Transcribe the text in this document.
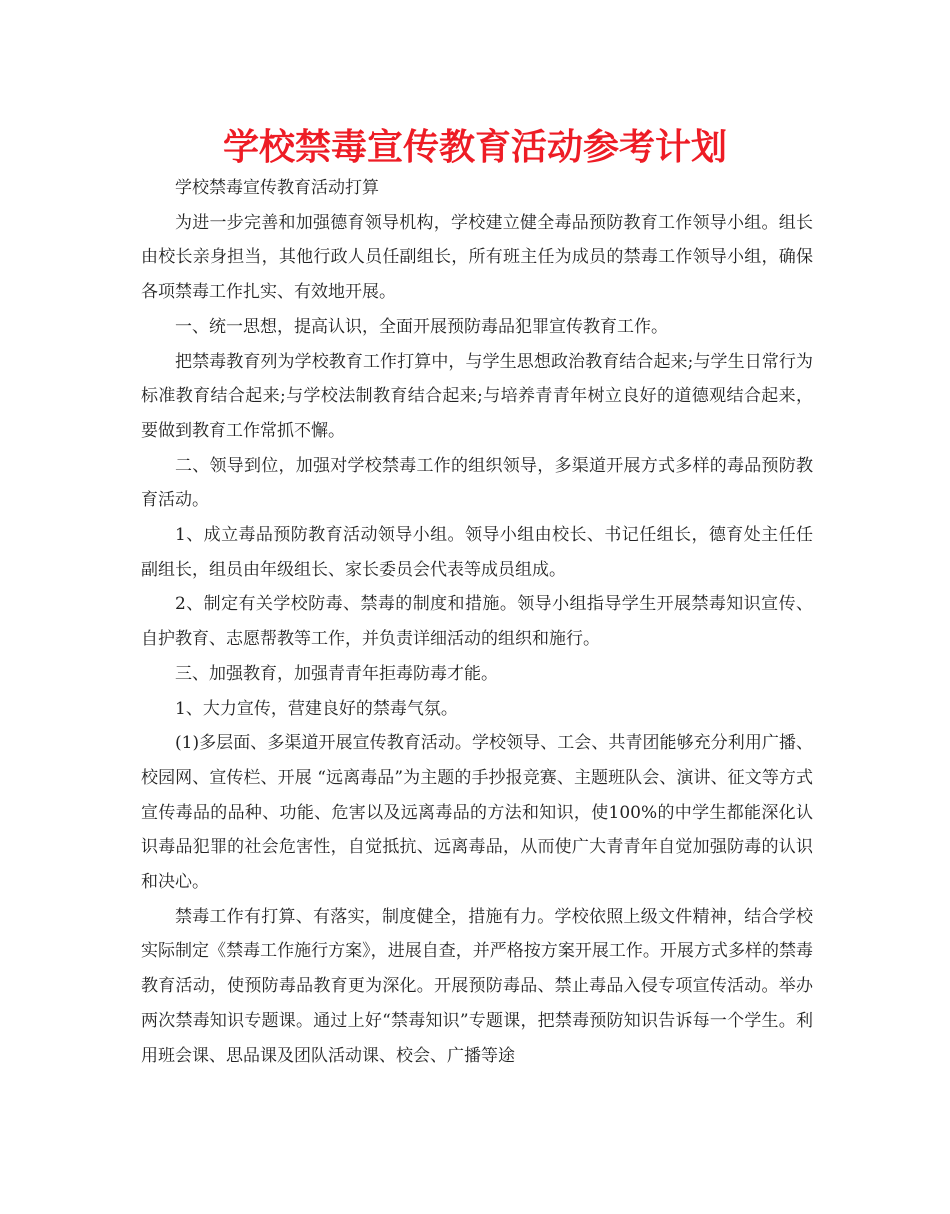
学校禁毒宣传教育活动参考计划

学校禁毒宣传教育活动打算

为进一步完善和加强德育领导机构，学校建立健全毒品预防教育工作领导小组。组长由校长亲身担当，其他行政人员任副组长，所有班主任为成员的禁毒工作领导小组，确保各项禁毒工作扎实、有效地开展。

一、统一思想，提高认识，全面开展预防毒品犯罪宣传教育工作。

把禁毒教育列为学校教育工作打算中，与学生思想政治教育结合起来;与学生日常行为标准教育结合起来;与学校法制教育结合起来;与培养青青年树立良好的道德观结合起来，要做到教育工作常抓不懈。

二、领导到位，加强对学校禁毒工作的组织领导，多渠道开展方式多样的毒品预防教育活动。

1、成立毒品预防教育活动领导小组。领导小组由校长、书记任组长，德育处主任任副组长，组员由年级组长、家长委员会代表等成员组成。

2、制定有关学校防毒、禁毒的制度和措施。领导小组指导学生开展禁毒知识宣传、自护教育、志愿帮教等工作，并负责详细活动的组织和施行。

三、加强教育，加强青青年拒毒防毒才能。

1、大力宣传，营建良好的禁毒气氛。

(1)多层面、多渠道开展宣传教育活动。学校领导、工会、共青团能够充分利用广播、校园网、宣传栏、开展 “远离毒品”为主题的手抄报竞赛、主题班队会、演讲、征文等方式宣传毒品的品种、功能、危害以及远离毒品的方法和知识，使100%的中学生都能深化认识毒品犯罪的社会危害性，自觉抵抗、远离毒品，从而使广大青青年自觉加强防毒的认识和决心。

禁毒工作有打算、有落实，制度健全，措施有力。学校依照上级文件精神，结合学校实际制定《禁毒工作施行方案》，进展自查，并严格按方案开展工作。开展方式多样的禁毒教育活动，使预防毒品教育更为深化。开展预防毒品、禁止毒品入侵专项宣传活动。举办两次禁毒知识专题课。通过上好“禁毒知识”专题课，把禁毒预防知识告诉每一个学生。利用班会课、思品课及团队活动课、校会、广播等途
